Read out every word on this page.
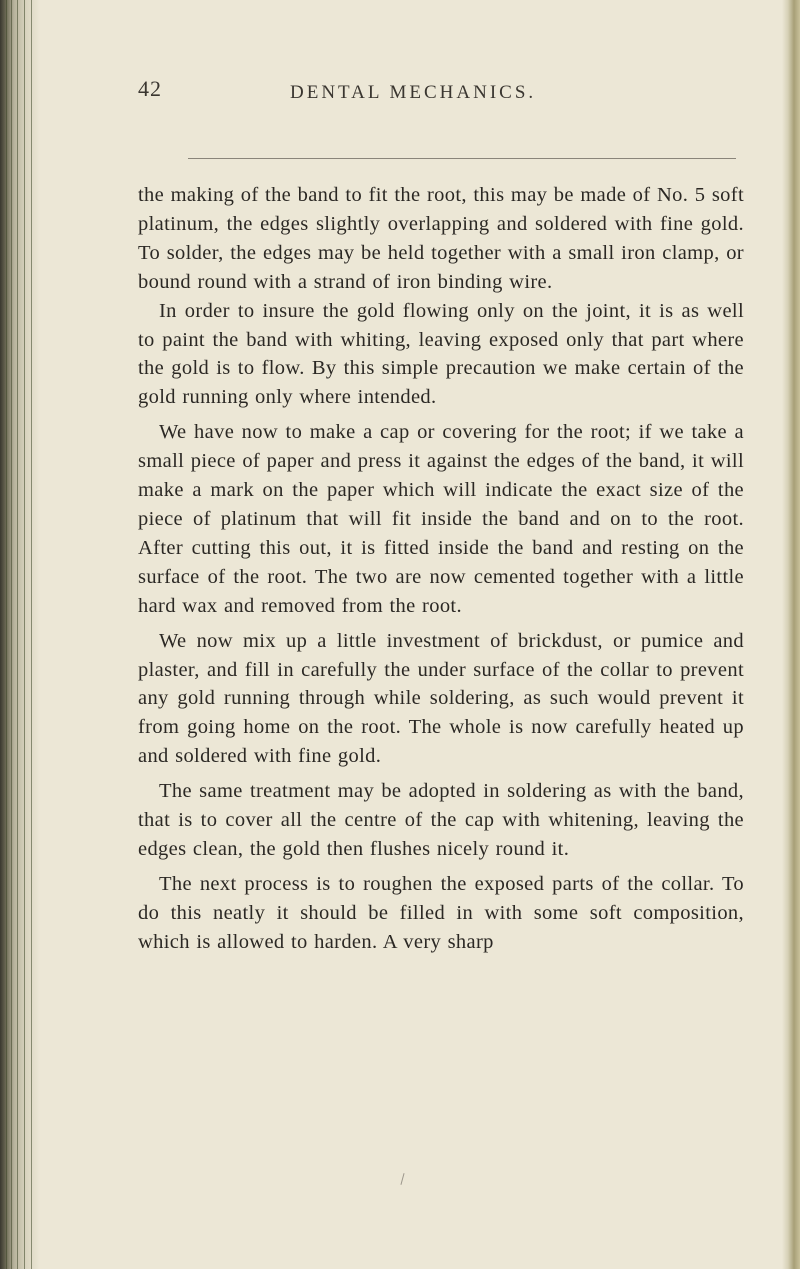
42	DENTAL MECHANICS.

the making of the band to fit the root, this may be made of No. 5 soft platinum, the edges slightly overlapping and soldered with fine gold. To solder, the edges may be held together with a small iron clamp, or bound round with a strand of iron binding wire.

In order to insure the gold flowing only on the joint, it is as well to paint the band with whiting, leaving exposed only that part where the gold is to flow. By this simple precaution we make certain of the gold running only where intended.

We have now to make a cap or covering for the root; if we take a small piece of paper and press it against the edges of the band, it will make a mark on the paper which will indicate the exact size of the piece of platinum that will fit inside the band and on to the root. After cutting this out, it is fitted inside the band and resting on the surface of the root. The two are now cemented together with a little hard wax and removed from the root.

We now mix up a little investment of brickdust, or pumice and plaster, and fill in carefully the under surface of the collar to prevent any gold running through while soldering, as such would prevent it from going home on the root. The whole is now carefully heated up and soldered with fine gold.

The same treatment may be adopted in soldering as with the band, that is to cover all the centre of the cap with whitening, leaving the edges clean, the gold then flushes nicely round it.

The next process is to roughen the exposed parts of the collar. To do this neatly it should be filled in with some soft composition, which is allowed to harden. A very sharp
